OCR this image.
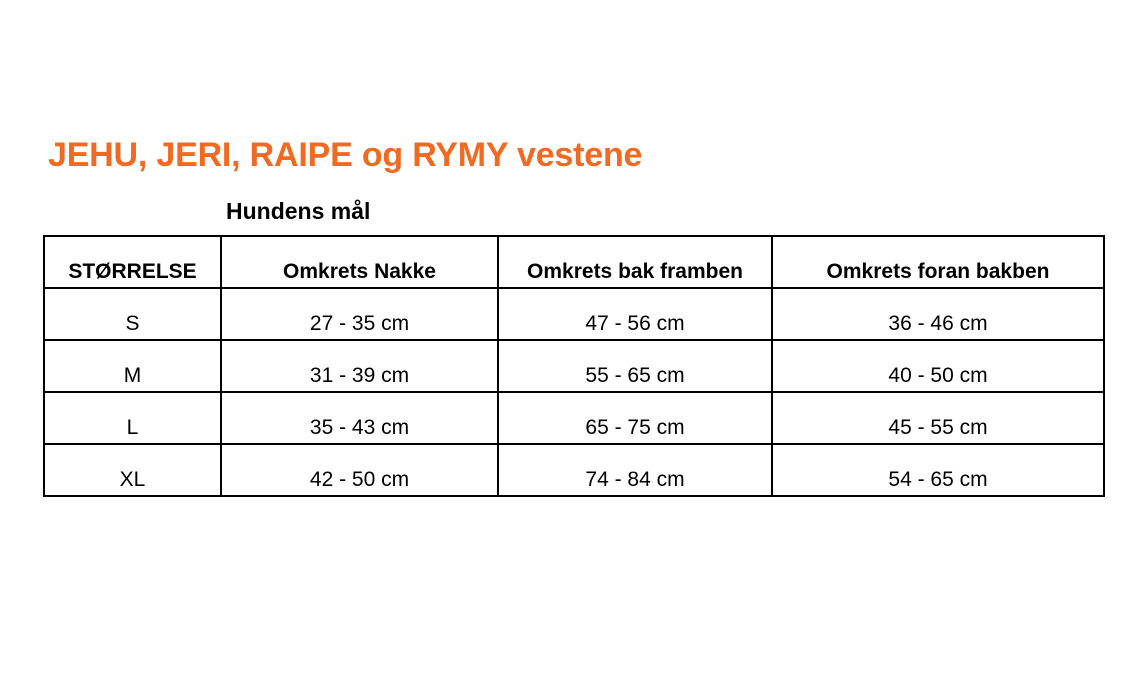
JEHU, JERI, RAIPE og RYMY vestene
Hundens mål
STØRRELSE	Omkrets Nakke	Omkrets bak framben	Omkrets foran bakben
S	27 - 35 cm	47 - 56 cm	36 - 46 cm
M	31 - 39 cm	55 - 65 cm	40 - 50 cm
L	35 - 43 cm	65 - 75 cm	45 - 55 cm
XL	42 - 50 cm	74 - 84 cm	54 - 65 cm
